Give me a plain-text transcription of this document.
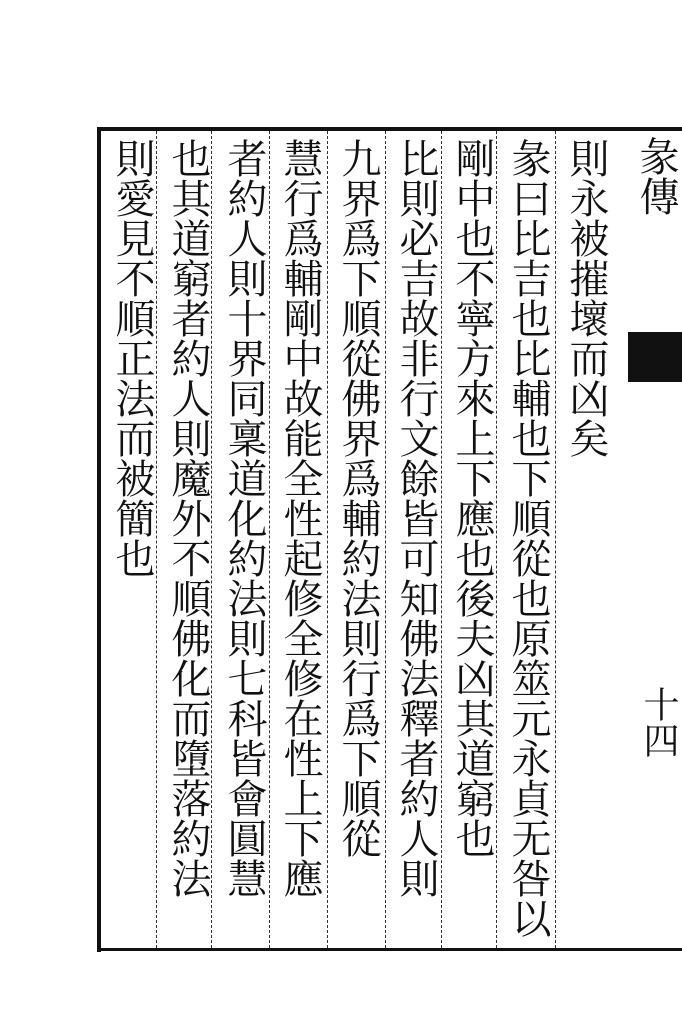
彖傳
十四
則永被摧壞而凶矣
彖曰比吉也比輔也下順從也原筮元永貞无咎以
剛中也不寧方來上下應也後夫凶其道窮也
比則必吉故非行文餘皆可知佛法釋者約人則
九界爲下順從佛界爲輔約法則行爲下順從
慧行爲輔剛中故能全性起修全修在性上下應
者約人則十界同稟道化約法則七科皆會圓慧
也其道窮者約人則魔外不順佛化而墮落約法
則愛見不順正法而被簡也
